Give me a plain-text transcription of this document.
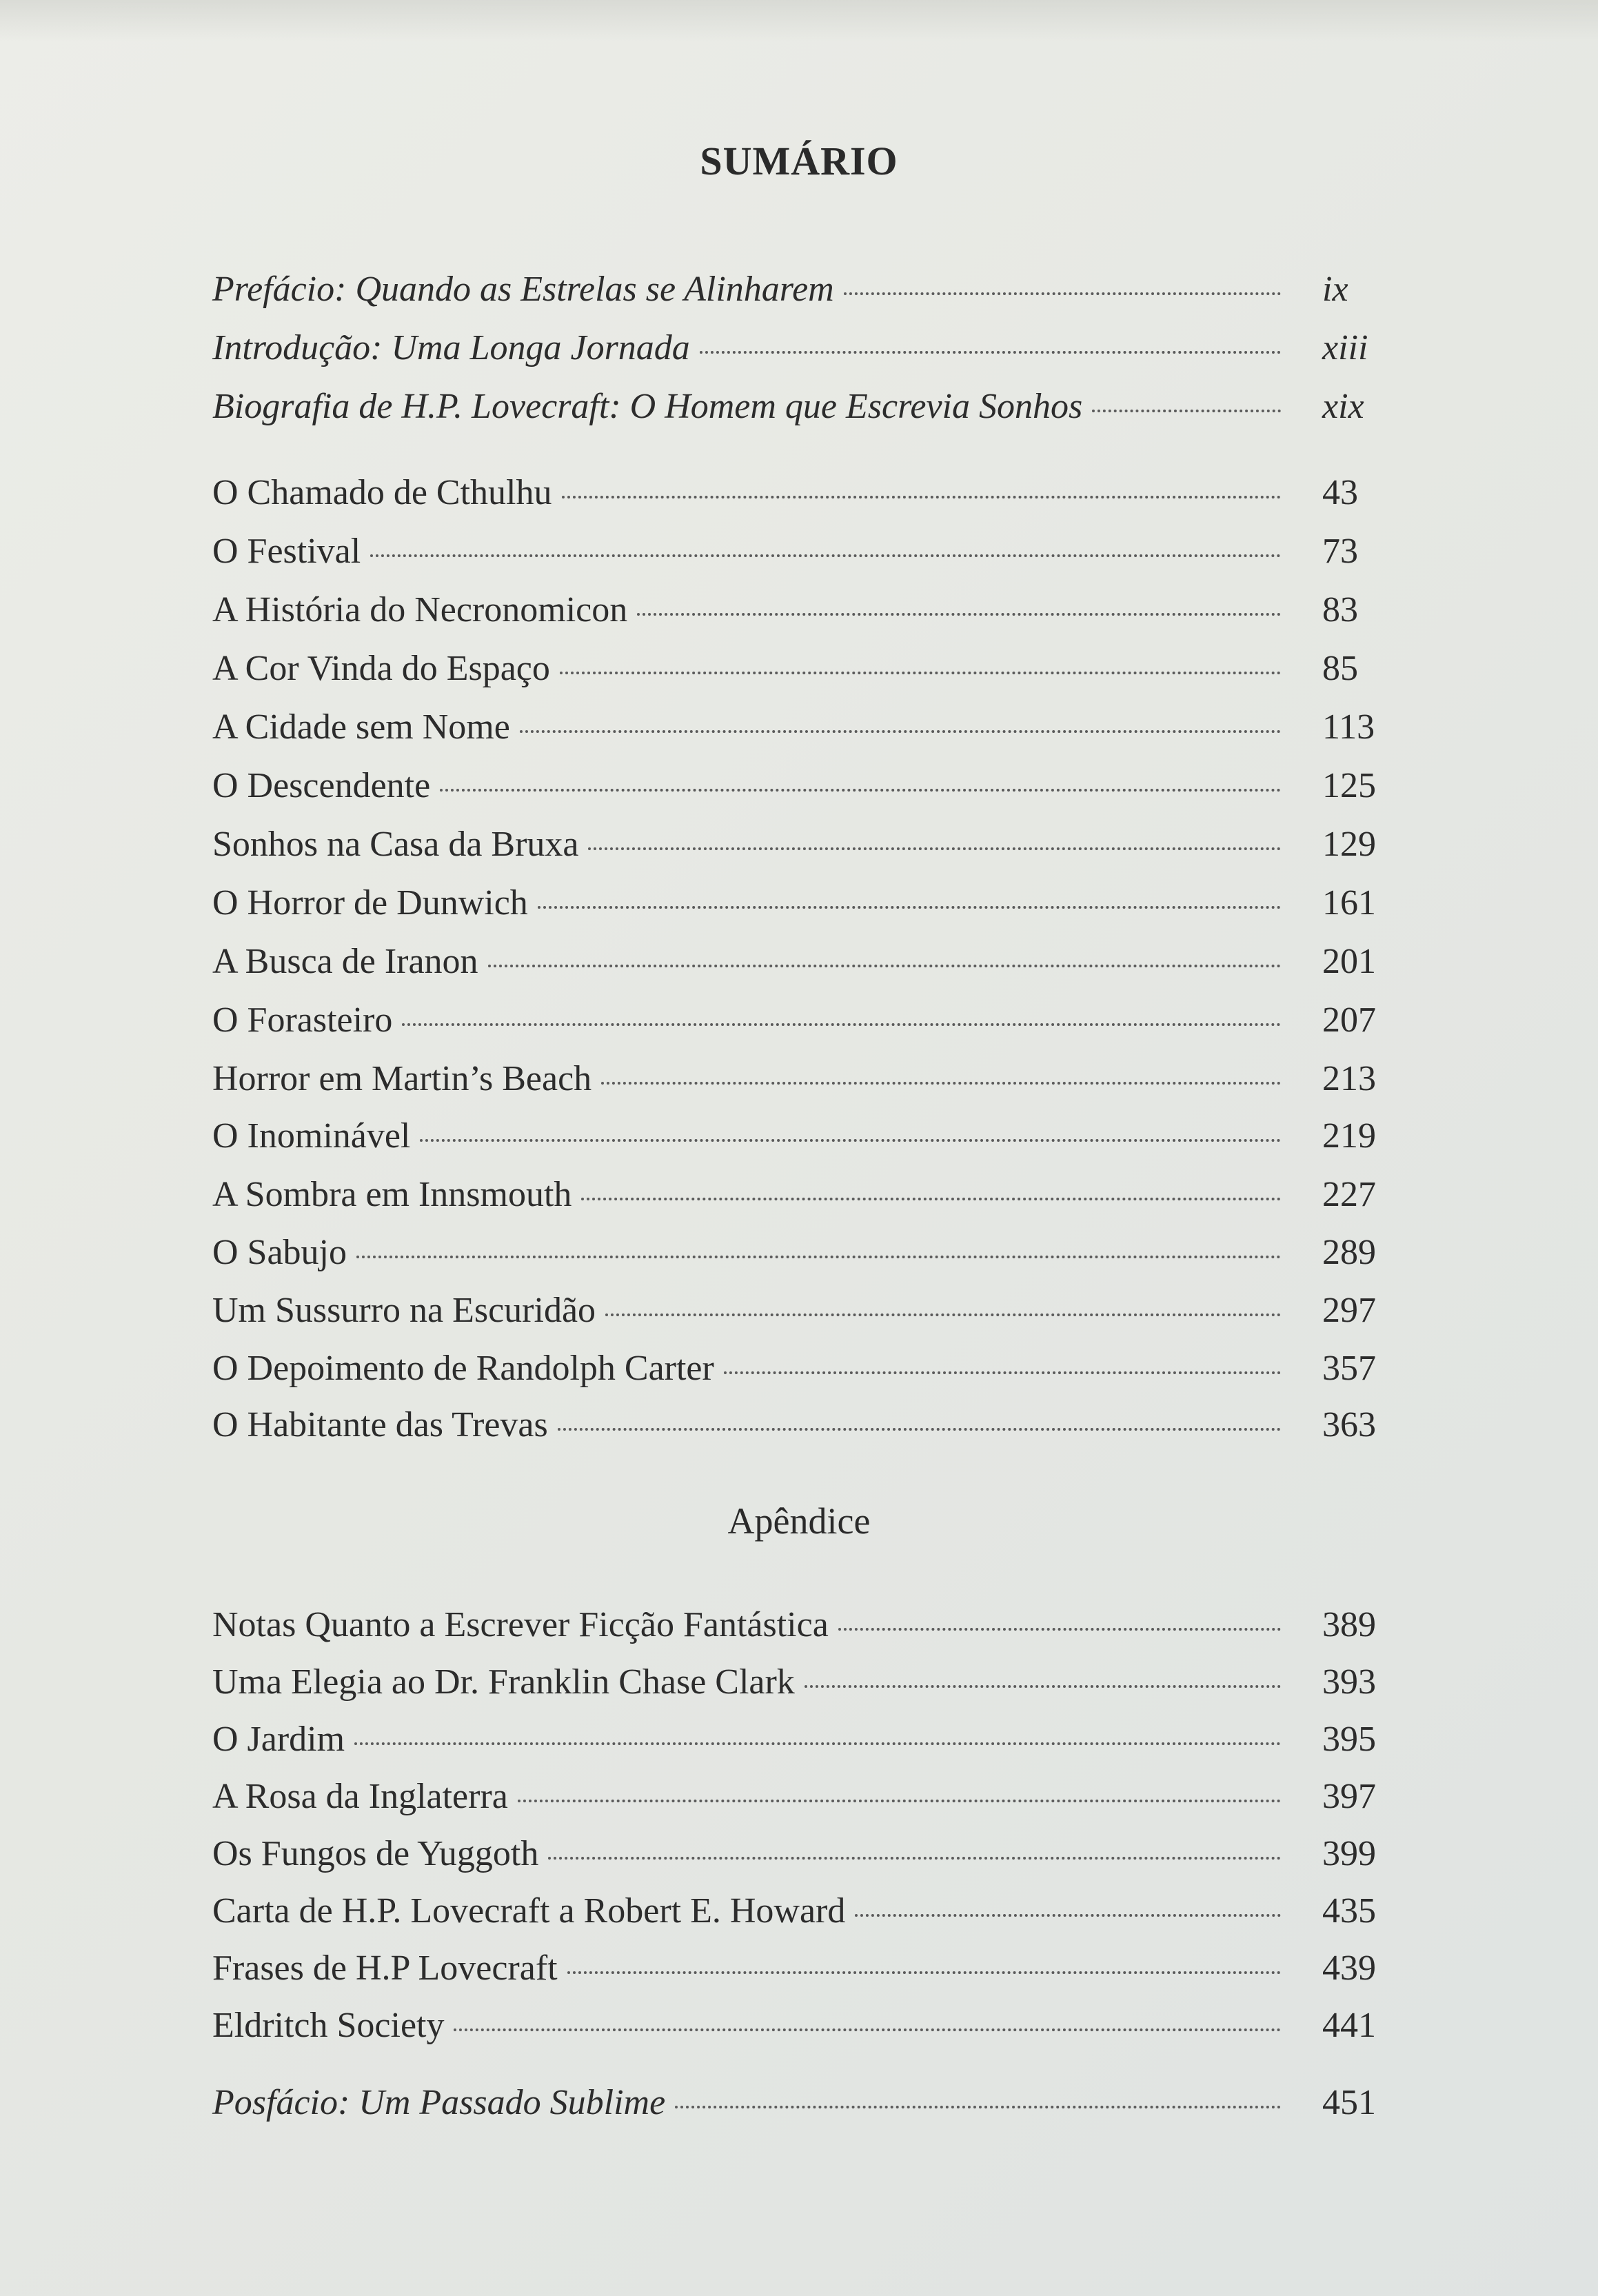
SUMÁRIO
Prefácio: Quando as Estrelas se Alinharem	ix
Introdução: Uma Longa Jornada	xiii
Biografia de H.P. Lovecraft: O Homem que Escrevia Sonhos	xix
O Chamado de Cthulhu	43
O Festival	73
A História do Necronomicon	83
A Cor Vinda do Espaço	85
A Cidade sem Nome	113
O Descendente	125
Sonhos na Casa da Bruxa	129
O Horror de Dunwich	161
A Busca de Iranon	201
O Forasteiro	207
Horror em Martin’s Beach	213
O Inominável	219
A Sombra em Innsmouth	227
O Sabujo	289
Um Sussurro na Escuridão	297
O Depoimento de Randolph Carter	357
O Habitante das Trevas	363
Apêndice
Notas Quanto a Escrever Ficção Fantástica	389
Uma Elegia ao Dr. Franklin Chase Clark	393
O Jardim	395
A Rosa da Inglaterra	397
Os Fungos de Yuggoth	399
Carta de H.P. Lovecraft a Robert E. Howard	435
Frases de H.P Lovecraft	439
Eldritch Society	441
Posfácio: Um Passado Sublime	451
